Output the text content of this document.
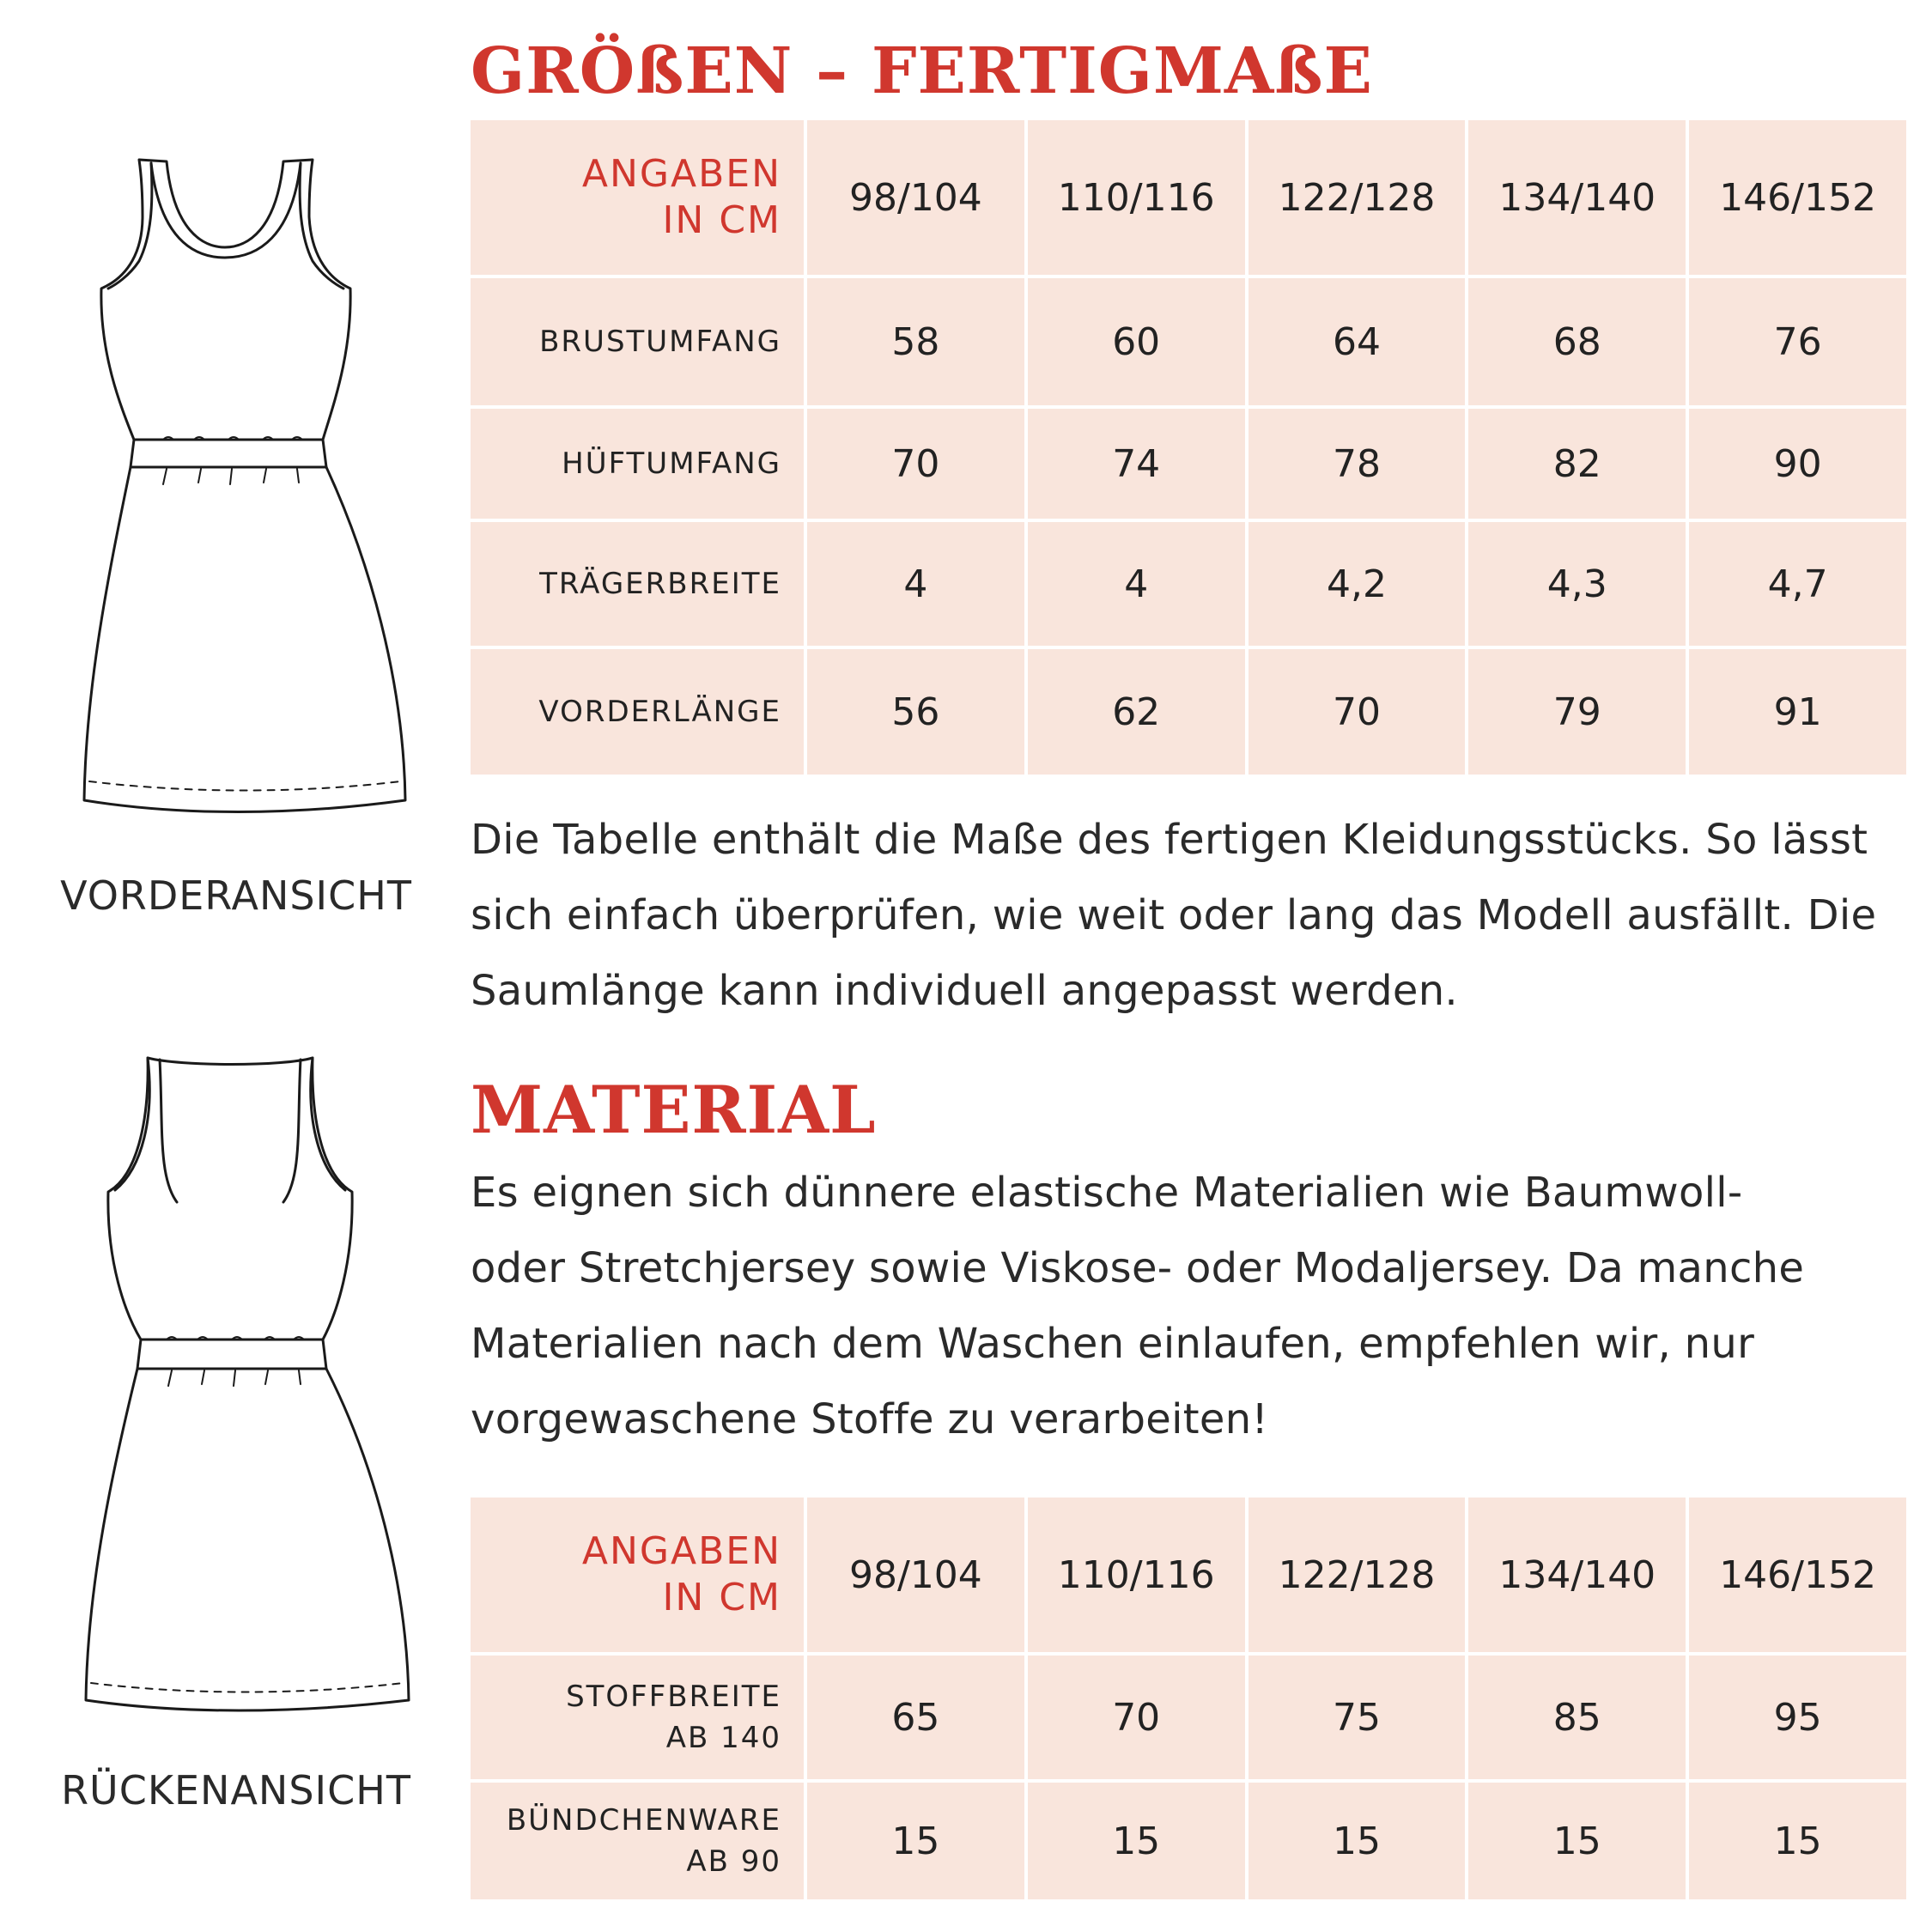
GRÖßEN – FERTIGMAßE
MATERIAL
VORDERANSICHT
RÜCKENANSICHT
ANGABEN
IN CM
98/104	110/116	122/128	134/140	146/152
BRUSTUMFANG	58	60	64	68	76
HÜFTUMFANG	70	74	78	82	90
TRÄGERBREITE	4	4	4,2	4,3	4,7
VORDERLÄNGE	56	62	70	79	91
Die Tabelle enthält die Maße des fertigen Kleidungsstücks. So lässt
sich einfach überprüfen, wie weit oder lang das Modell ausfällt. Die
Saumlänge kann individuell angepasst werden.
Es eignen sich dünnere elastische Materialien wie Baumwoll-
oder Stretchjersey sowie Viskose- oder Modaljersey. Da manche
Materialien nach dem Waschen einlaufen, empfehlen wir, nur
vorgewaschene Stoffe zu verarbeiten!
ANGABEN
IN CM
98/104	110/116	122/128	134/140	146/152
STOFFBREITE
AB 140	65	70	75	85	95
BÜNDCHENWARE
AB 90	15	15	15	15	15
